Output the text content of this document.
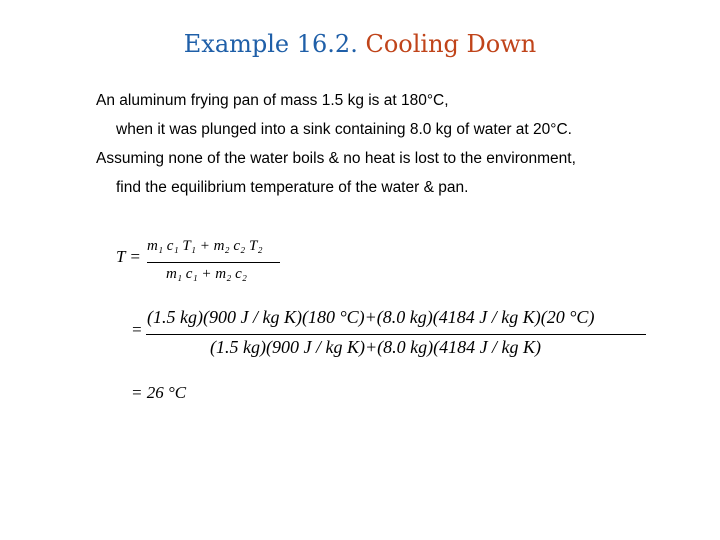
Example 16.2. Cooling Down
An aluminum frying pan of mass 1.5 kg is at 180°C,
when it was plunged into a sink containing 8.0 kg of water at 20°C.
Assuming none of the water boils & no heat is lost to the environment,
find the equilibrium temperature of the water & pan.
T =
m₁ c₁ T₁ + m₂ c₂ T₂
m₁ c₁ + m₂ c₂
=
(1.5 kg)(900 J / kg K)(180 °C)+(8.0 kg)(4184 J / kg K)(20 °C)
(1.5 kg)(900 J / kg K)+(8.0 kg)(4184 J / kg K)
= 26 °C
